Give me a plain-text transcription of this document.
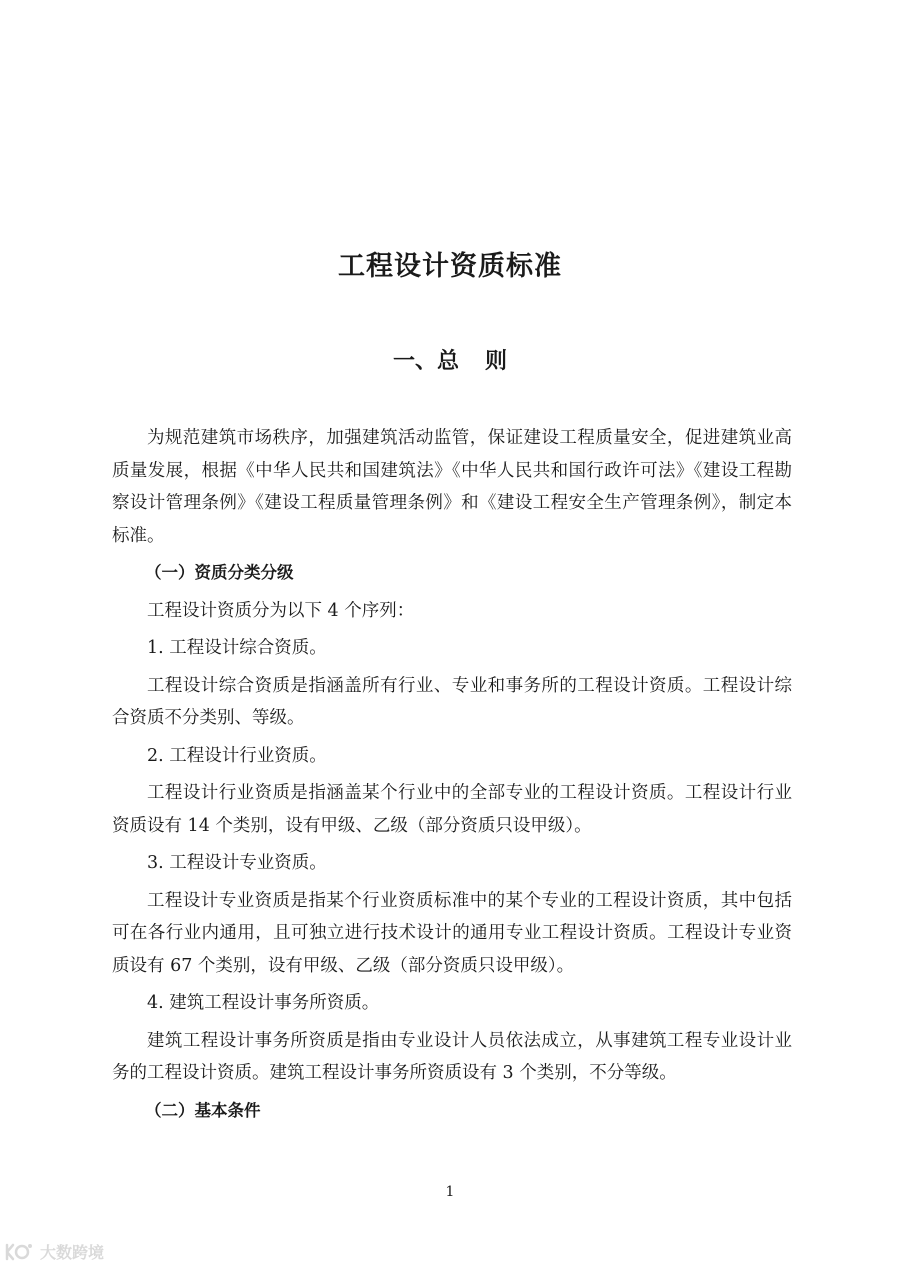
工程设计资质标准
一、总 则

为规范建筑市场秩序，加强建筑活动监管，保证建设工程质量安全，促进建筑业高质量发展，根据《中华人民共和国建筑法》《中华人民共和国行政许可法》《建设工程勘察设计管理条例》《建设工程质量管理条例》和《建设工程安全生产管理条例》，制定本标准。

（一）资质分类分级

工程设计资质分为以下 4 个序列：

1. 工程设计综合资质。

工程设计综合资质是指涵盖所有行业、专业和事务所的工程设计资质。工程设计综合资质不分类别、等级。

2. 工程设计行业资质。

工程设计行业资质是指涵盖某个行业中的全部专业的工程设计资质。工程设计行业资质设有 14 个类别，设有甲级、乙级（部分资质只设甲级）。

3. 工程设计专业资质。

工程设计专业资质是指某个行业资质标准中的某个专业的工程设计资质，其中包括可在各行业内通用，且可独立进行技术设计的通用专业工程设计资质。工程设计专业资质设有 67 个类别，设有甲级、乙级（部分资质只设甲级）。

4. 建筑工程设计事务所资质。

建筑工程设计事务所资质是指由专业设计人员依法成立，从事建筑工程专业设计业务的工程设计资质。建筑工程设计事务所资质设有 3 个类别，不分等级。

（二）基本条件

1
大数跨境
